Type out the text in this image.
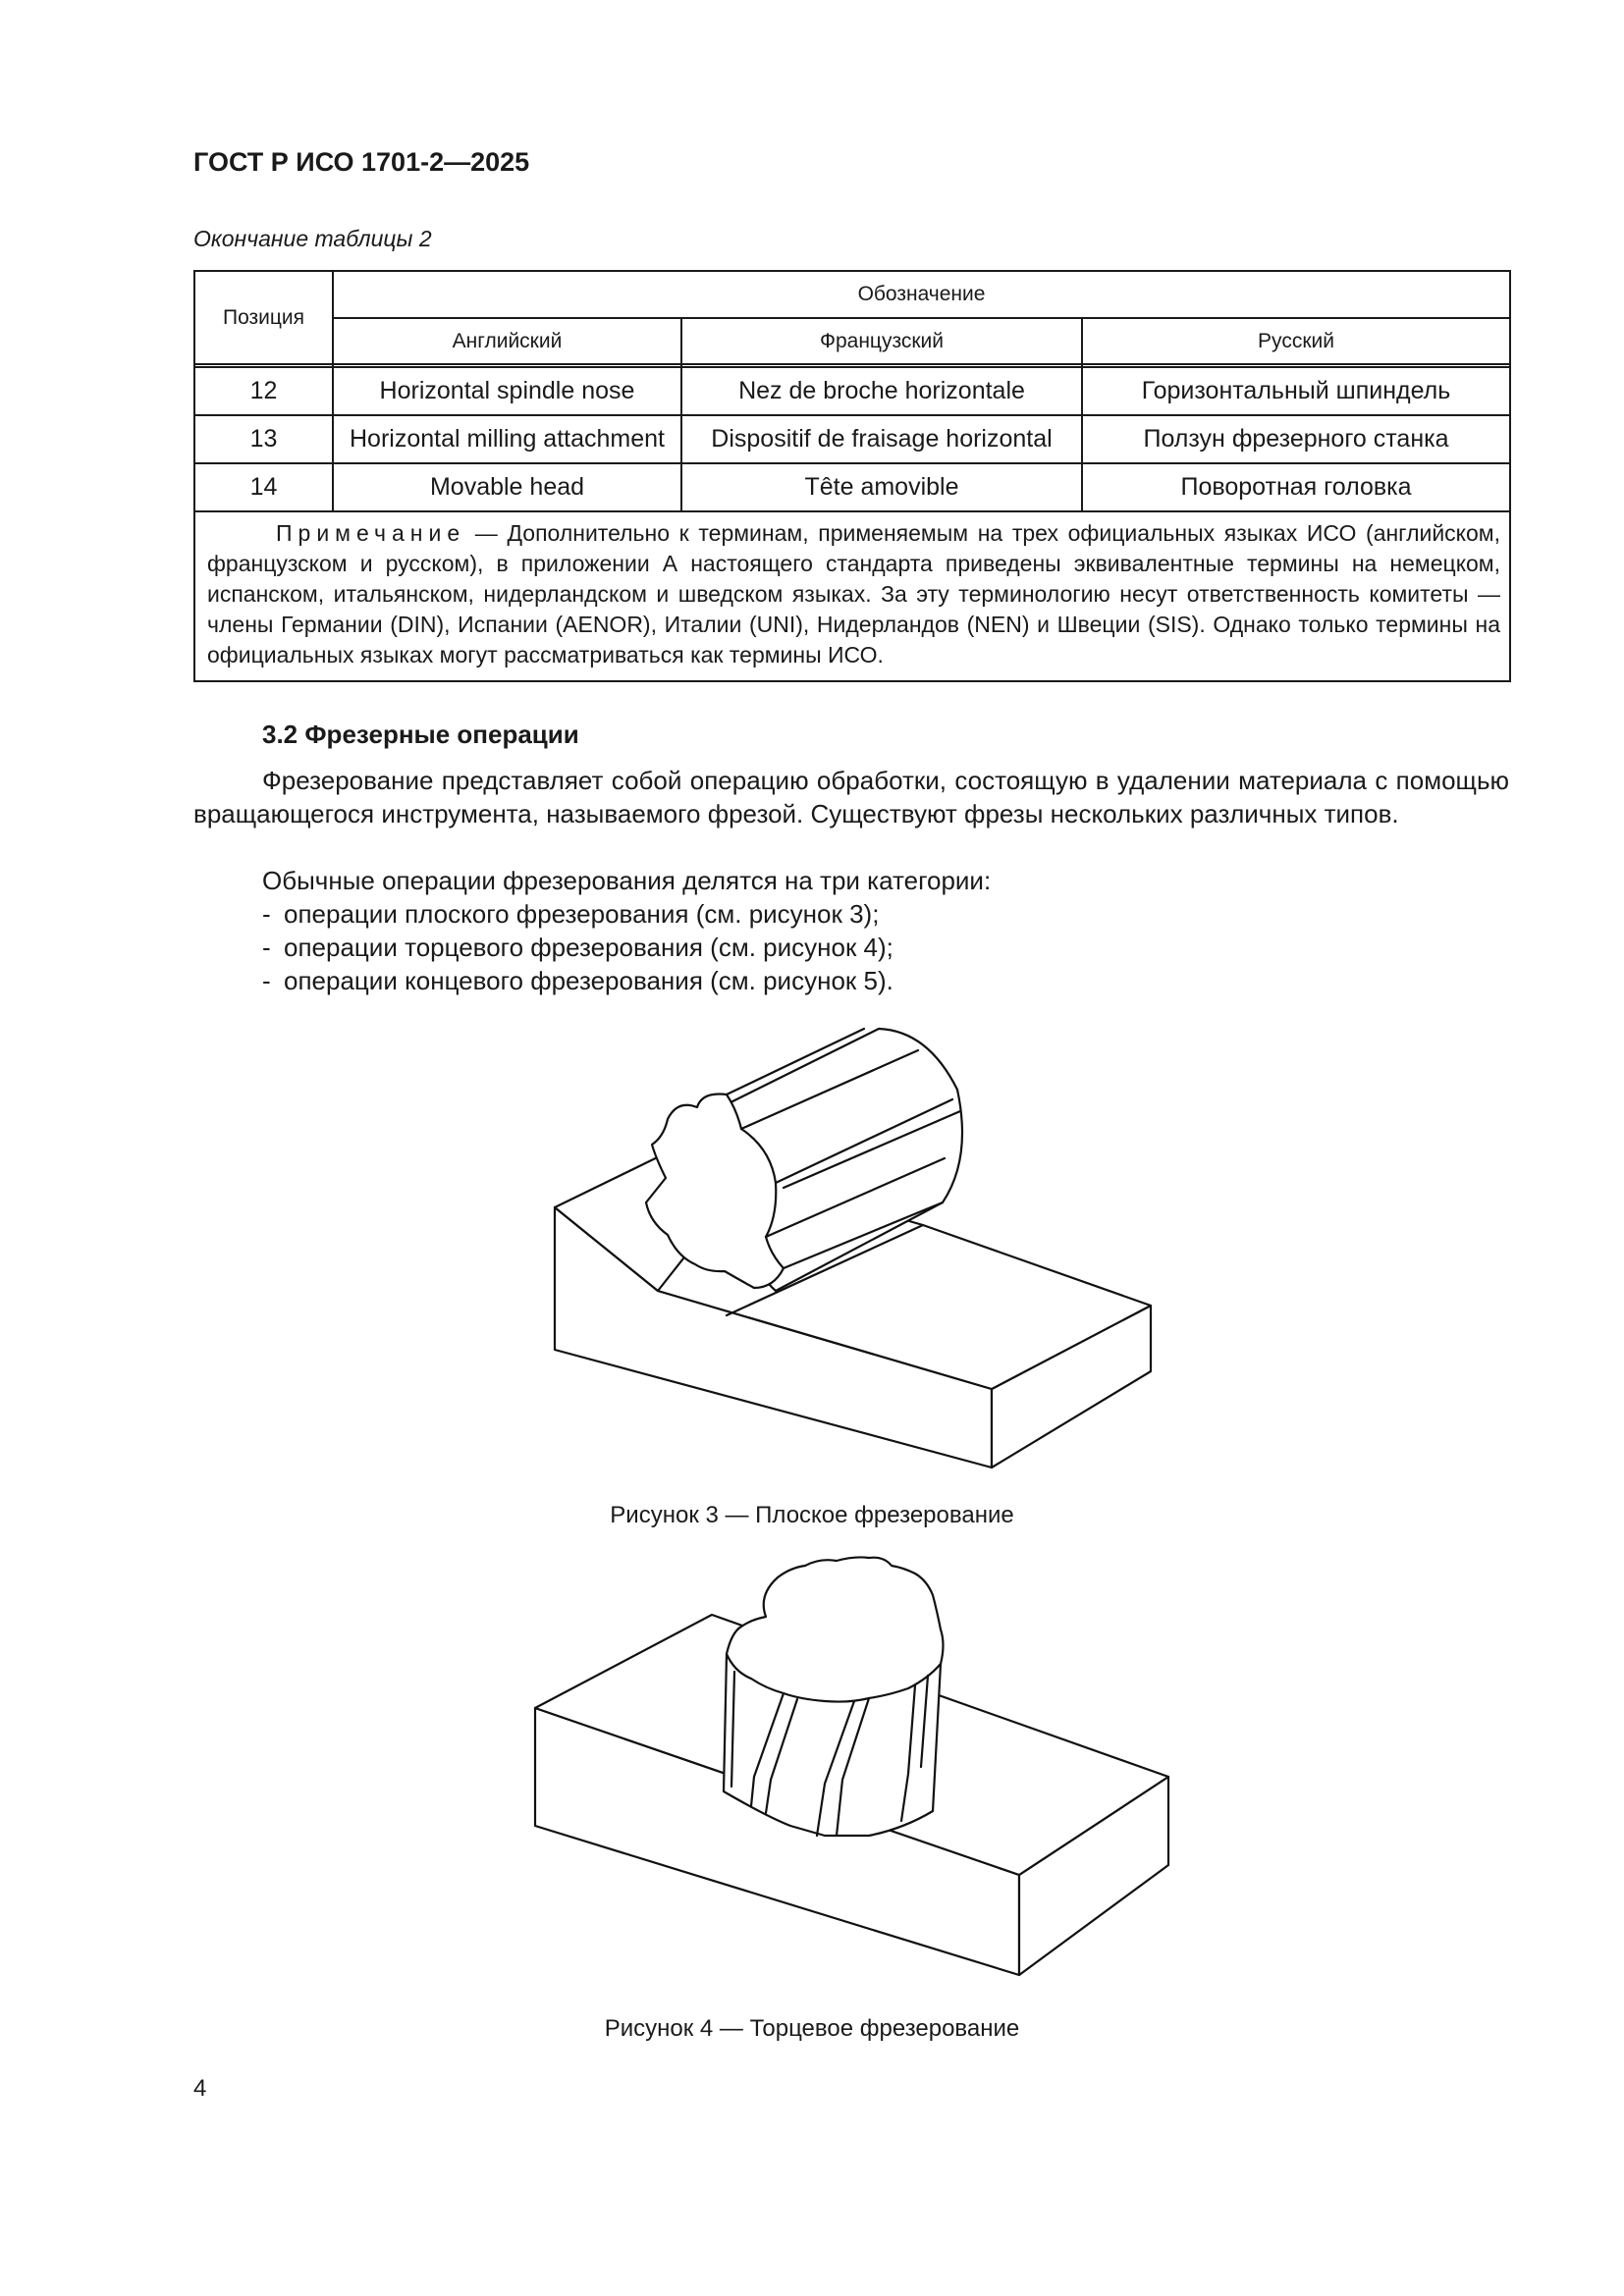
ГОСТ Р ИСО 1701-2—2025
Окончание таблицы 2
Позиция	Обозначение		
	Английский	Французский	Русский

12	Horizontal spindle nose	Nez de broche horizontale	Горизонтальный шпиндель
13	Horizontal milling attachment	Dispositif de fraisage horizontal	Ползун фрезерного станка
14	Movable head	Tête amovible	Поворотная головка
Примечание — Дополнительно к терминам, применяемым на трех официальных языках ИСО (английском, французском и русском), в приложении А настоящего стандарта приведены эквивалентные термины на немецком, испанском, итальянском, нидерландском и шведском языках. За эту терминологию несут ответственность комитеты — члены Германии (DIN), Испании (AENOR), Италии (UNI), Нидерландов (NEN) и Швеции (SIS). Однако только термины на официальных языках могут рассматриваться как термины ИСО.			
3.2 Фрезерные операции

Фрезерование представляет собой операцию обработки, состоящую в удалении материала с помощью вращающегося инструмента, называемого фрезой. Существуют фрезы нескольких различных типов.

Обычные операции фрезерования делятся на три категории:

- операции плоского фрезерования (см. рисунок 3);
- операции торцевого фрезерования (см. рисунок 4);
- операции концевого фрезерования (см. рисунок 5).
Рисунок 3 — Плоское фрезерование
Рисунок 4 — Торцевое фрезерование
4
